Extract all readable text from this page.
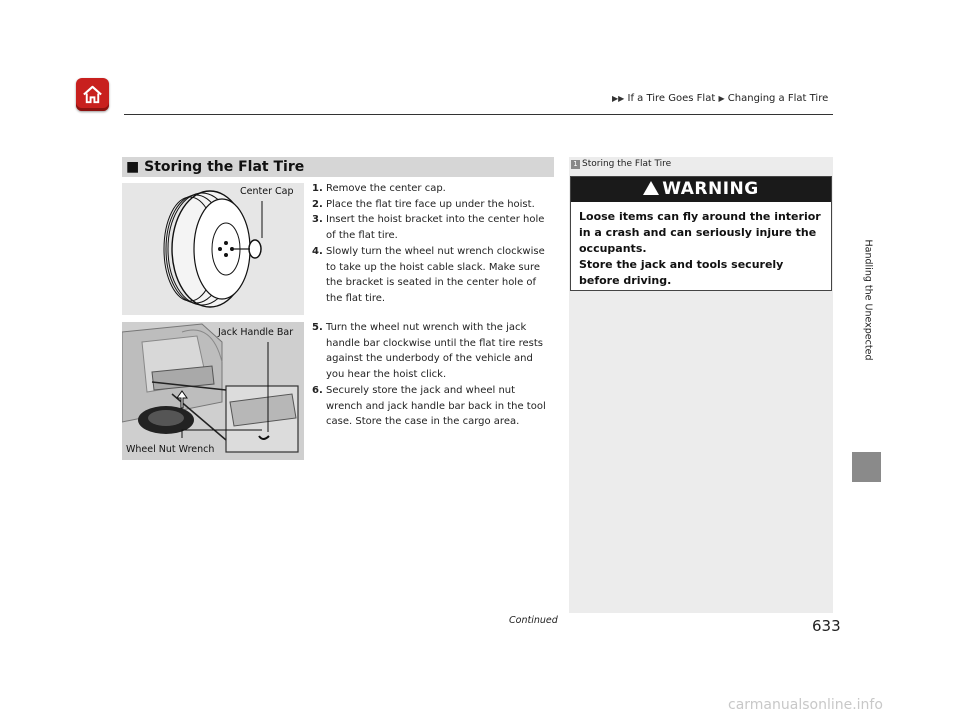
▶▶ If a Tire Goes Flat ▶ Changing a Flat Tire
Handling the Unexpected
■ Storing the Flat Tire
Center Cap 1. Remove the center cap.
2. Place the flat tire face up under the hoist.
3. Insert the hoist bracket into the center hole of the flat tire.
4. Slowly turn the wheel nut wrench clockwise to take up the hoist cable slack. Make sure the bracket is seated in the center hole of the flat tire.
Jack Handle Bar
Wheel Nut Wrench
5. Turn the wheel nut wrench with the jack handle bar clockwise until the flat tire rests against the underbody of the vehicle and you hear the hoist click.
6. Securely store the jack and wheel nut wrench and jack handle bar back in the tool case. Store the case in the cargo area.
Continued
1 Storing the Flat Tire
WARNING
Loose items can fly around the interior in a crash and can seriously injure the occupants.
Store the jack and tools securely before driving.
633
carmanualsonline.info
